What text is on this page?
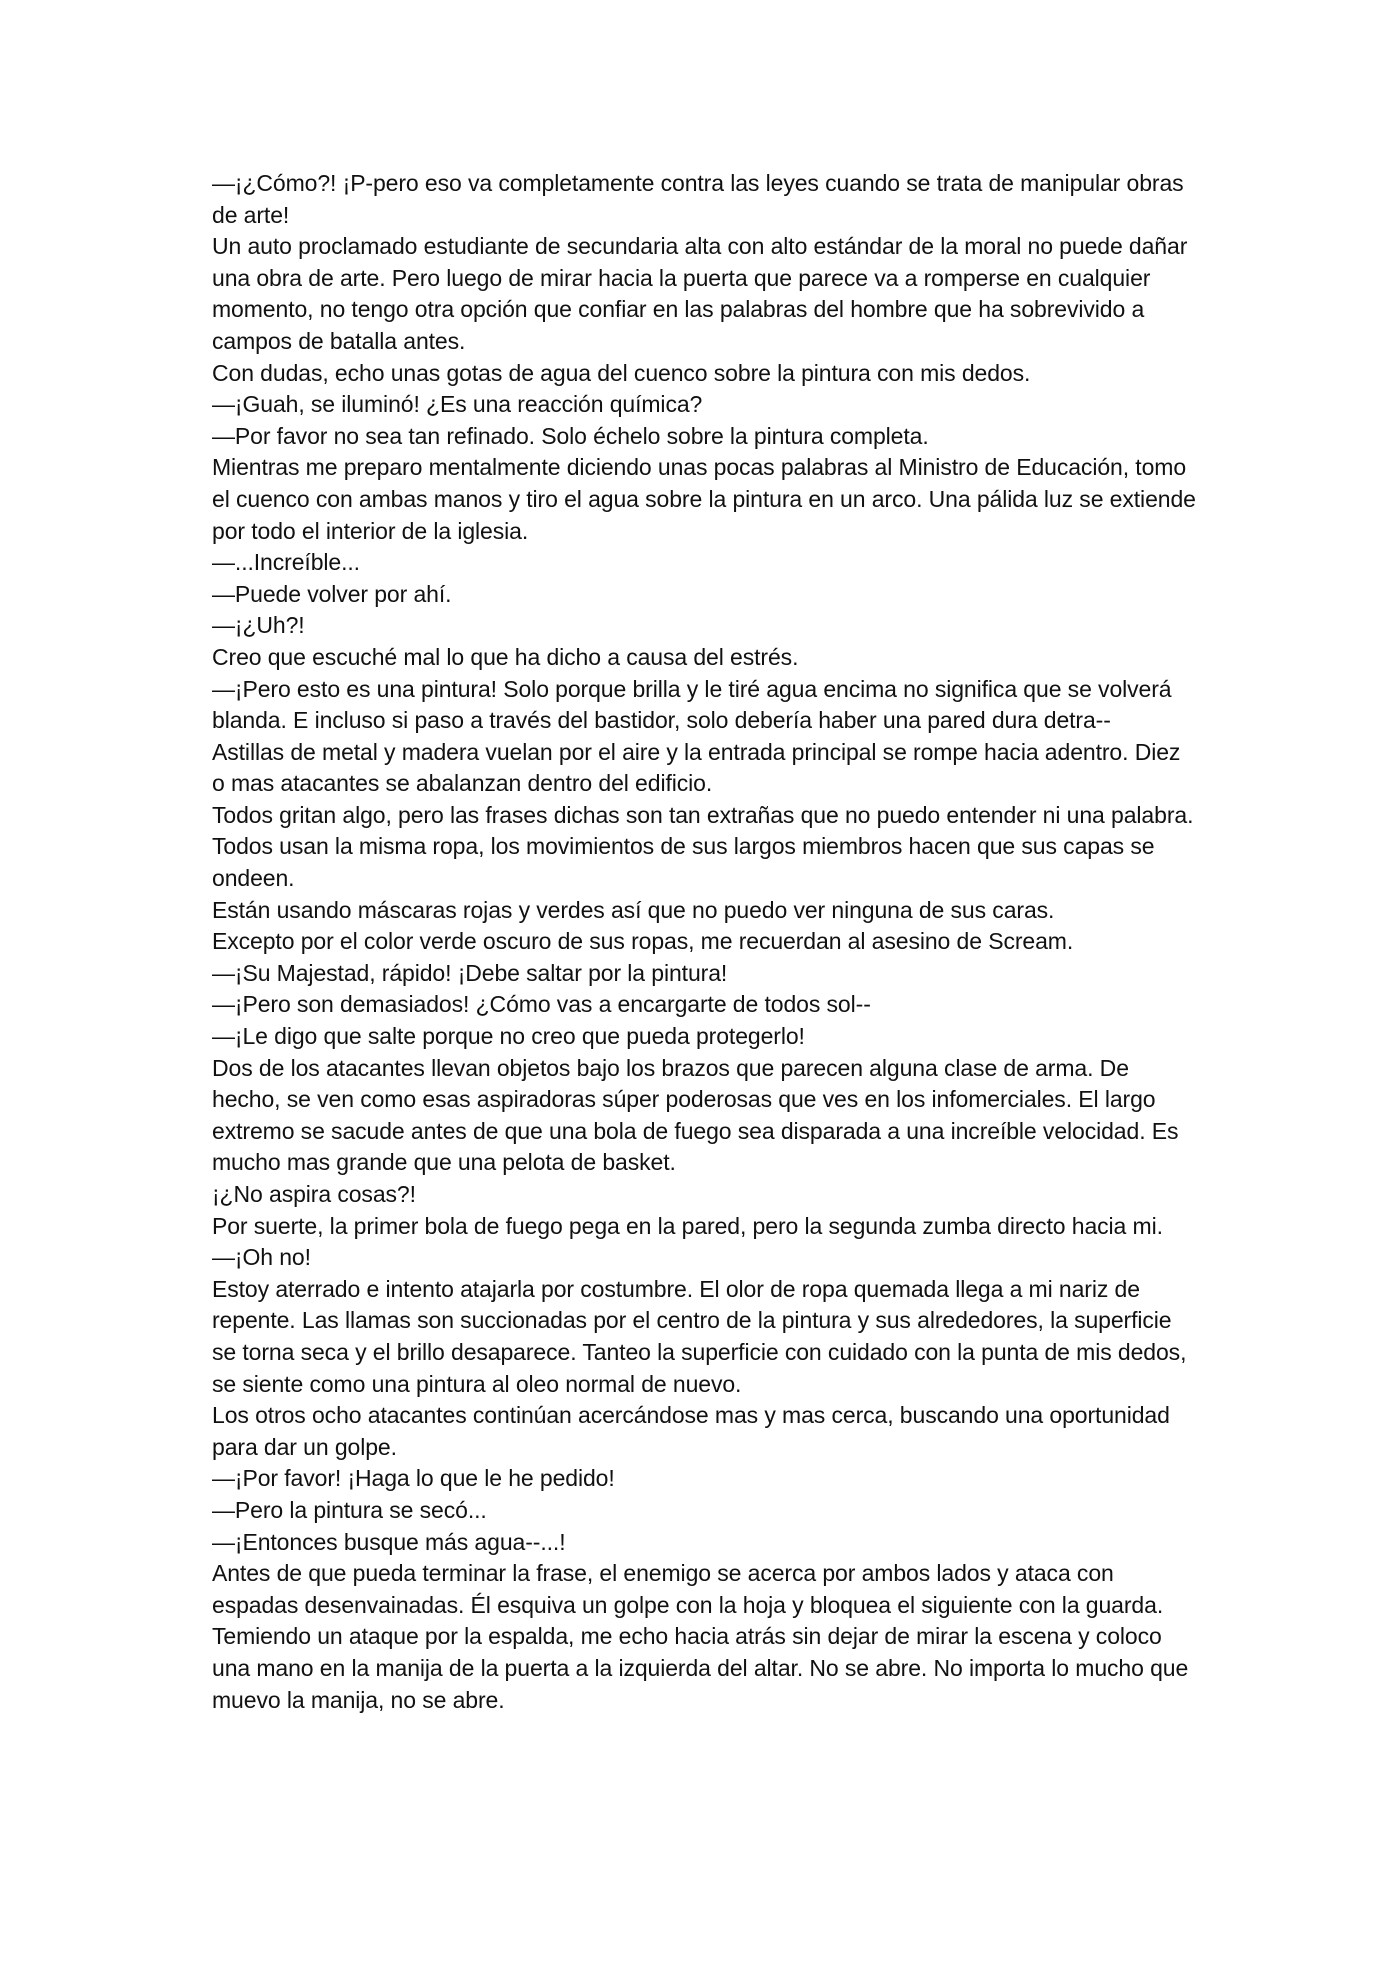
—¡¿Cómo?! ¡P-pero eso va completamente contra las leyes cuando se trata de manipular obras de arte!

Un auto proclamado estudiante de secundaria alta con alto estándar de la moral no puede dañar una obra de arte. Pero luego de mirar hacia la puerta que parece va a romperse en cualquier momento, no tengo otra opción que confiar en las palabras del hombre que ha sobrevivido a campos de batalla antes.

Con dudas, echo unas gotas de agua del cuenco sobre la pintura con mis dedos.

—¡Guah, se iluminó! ¿Es una reacción química?

—Por favor no sea tan refinado. Solo échelo sobre la pintura completa.

Mientras me preparo mentalmente diciendo unas pocas palabras al Ministro de Educación, tomo el cuenco con ambas manos y tiro el agua sobre la pintura en un arco. Una pálida luz se extiende por todo el interior de la iglesia.

—...Increíble...

—Puede volver por ahí.

—¡¿Uh?!

Creo que escuché mal lo que ha dicho a causa del estrés.

—¡Pero esto es una pintura! Solo porque brilla y le tiré agua encima no significa que se volverá blanda. E incluso si paso a través del bastidor, solo debería haber una pared dura detra--

Astillas de metal y madera vuelan por el aire y la entrada principal se rompe hacia adentro. Diez o mas atacantes se abalanzan dentro del edificio.

Todos gritan algo, pero las frases dichas son tan extrañas que no puedo entender ni una palabra. Todos usan la misma ropa, los movimientos de sus largos miembros hacen que sus capas se ondeen.

Están usando máscaras rojas y verdes así que no puedo ver ninguna de sus caras.

Excepto por el color verde oscuro de sus ropas, me recuerdan al asesino de Scream.

—¡Su Majestad, rápido! ¡Debe saltar por la pintura!

—¡Pero son demasiados! ¿Cómo vas a encargarte de todos sol--

—¡Le digo que salte porque no creo que pueda protegerlo!

Dos de los atacantes llevan objetos bajo los brazos que parecen alguna clase de arma. De hecho, se ven como esas aspiradoras súper poderosas que ves en los infomerciales. El largo extremo se sacude antes de que una bola de fuego sea disparada a una increíble velocidad. Es mucho mas grande que una pelota de basket.

¡¿No aspira cosas?!

Por suerte, la primer bola de fuego pega en la pared, pero la segunda zumba directo hacia mi.

—¡Oh no!

Estoy aterrado e intento atajarla por costumbre. El olor de ropa quemada llega a mi nariz de repente. Las llamas son succionadas por el centro de la pintura y sus alrededores, la superficie se torna seca y el brillo desaparece. Tanteo la superficie con cuidado con la punta de mis dedos, se siente como una pintura al oleo normal de nuevo.

Los otros ocho atacantes continúan acercándose mas y mas cerca, buscando una oportunidad para dar un golpe.

—¡Por favor! ¡Haga lo que le he pedido!

—Pero la pintura se secó...

—¡Entonces busque más agua--...!

Antes de que pueda terminar la frase, el enemigo se acerca por ambos lados y ataca con espadas desenvainadas. Él esquiva un golpe con la hoja y bloquea el siguiente con la guarda. Temiendo un ataque por la espalda, me echo hacia atrás sin dejar de mirar la escena y coloco una mano en la manija de la puerta a la izquierda del altar. No se abre. No importa lo mucho que muevo la manija, no se abre.
